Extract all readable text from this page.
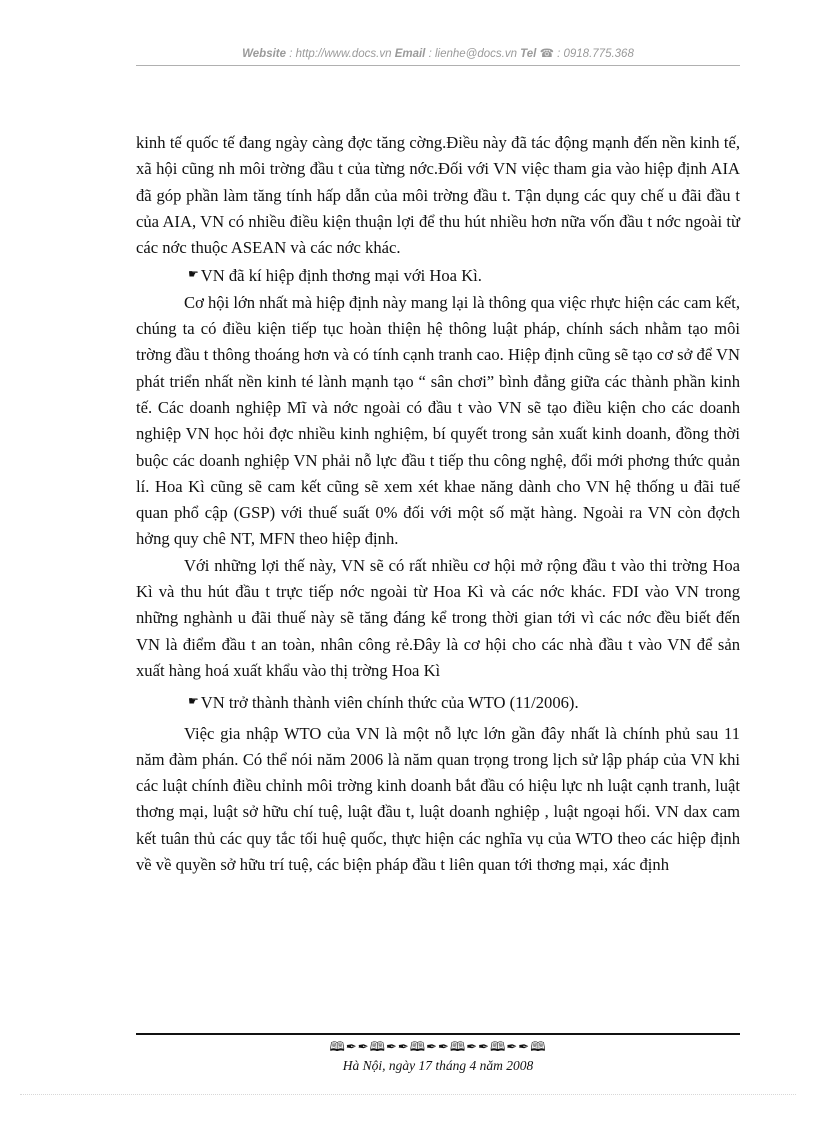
Website : http://www.docs.vn Email : lienhe@docs.vn Tel ☎ : 0918.775.368

kinh tế quốc tế đang ngày càng đợc tăng cờng.Điều này đã tác động mạnh đến nền kinh tế, xã hội cũng nh môi trờng đầu t của từng nớc.Đối với VN việc tham gia vào hiệp định AIA đã góp phần làm tăng tính hấp dẫn của môi trờng đầu t. Tận dụng các quy chế u đãi đầu t của AIA, VN có nhiều điều kiện thuận lợi để thu hút nhiều hơn nữa vốn đầu t nớc ngoài từ các nớc thuộc ASEAN và các nớc khác.

☛ VN đã kí hiệp định thơng mại với Hoa Kì.

Cơ hội lớn nhất mà hiệp định này mang lại là thông qua việc rhực hiện các cam kết, chúng ta có điều kiện tiếp tục hoàn thiện hệ thông luật pháp, chính sách nhằm tạo môi trờng đầu t thông thoáng hơn và có tính cạnh tranh cao. Hiệp định cũng sẽ tạo cơ sở để VN phát triển nhất nền kinh té lành mạnh tạo “ sân chơi” bình đẳng giữa các thành phần kinh tế. Các doanh nghiệp Mĩ và nớc ngoài có đầu t vào VN sẽ tạo điều kiện cho các doanh nghiệp VN học hỏi đợc nhiều kinh nghiệm, bí quyết trong sản xuất kinh doanh, đồng thời buộc các doanh nghiệp VN phải nỗ lực đầu t tiếp thu công nghệ, đổi mới phơng thức quản lí. Hoa Kì cũng sẽ cam kết cũng sẽ xem xét khae năng dành cho VN hệ thống u đãi tuế quan phổ cập (GSP) với thuế suất 0% đối với một số mặt hàng. Ngoài ra VN còn đợch hởng quy chê NT, MFN theo hiệp định.

Với những lợi thế này, VN sẽ có rất nhiều cơ hội mở rộng đầu t vào thi trờng Hoa Kì và thu hút đầu t trực tiếp nớc ngoài từ Hoa Kì và các nớc khác. FDI vào VN trong những nghành u đãi thuế này sẽ tăng đáng kể trong thời gian tới vì các nớc đều biết đến VN là điểm đầu t an toàn, nhân công rẻ.Đây là cơ hội cho các nhà đầu t vào VN để sản xuất hàng hoá xuất khẩu vào thị trờng Hoa Kì

☛ VN trở thành thành viên chính thức của WTO (11/2006).

Việc gia nhập WTO của VN là một nỗ lực lớn gần đây nhất là chính phủ sau 11 năm đàm phán. Có thể nói năm 2006 là năm quan trọng trong lịch sử lập pháp của VN khi các luật chính điều chỉnh môi trờng kinh doanh bắt đầu có hiệu lực nh luật cạnh tranh, luật thơng mại, luật sở hữu chí tuệ, luật đầu t, luật doanh nghiệp , luật ngoại hối. VN dax cam kết tuân thủ các quy tắc tối huệ quốc, thực hiện các nghĩa vụ của WTO theo các hiệp định về về quyền sở hữu trí tuệ, các biện pháp đầu t liên quan tới thơng mại, xác định

🕮✒✒🕮✒✒🕮✒✒🕮✒✒🕮✒✒🕮
Hà Nội, ngày 17 tháng 4 năm 2008
